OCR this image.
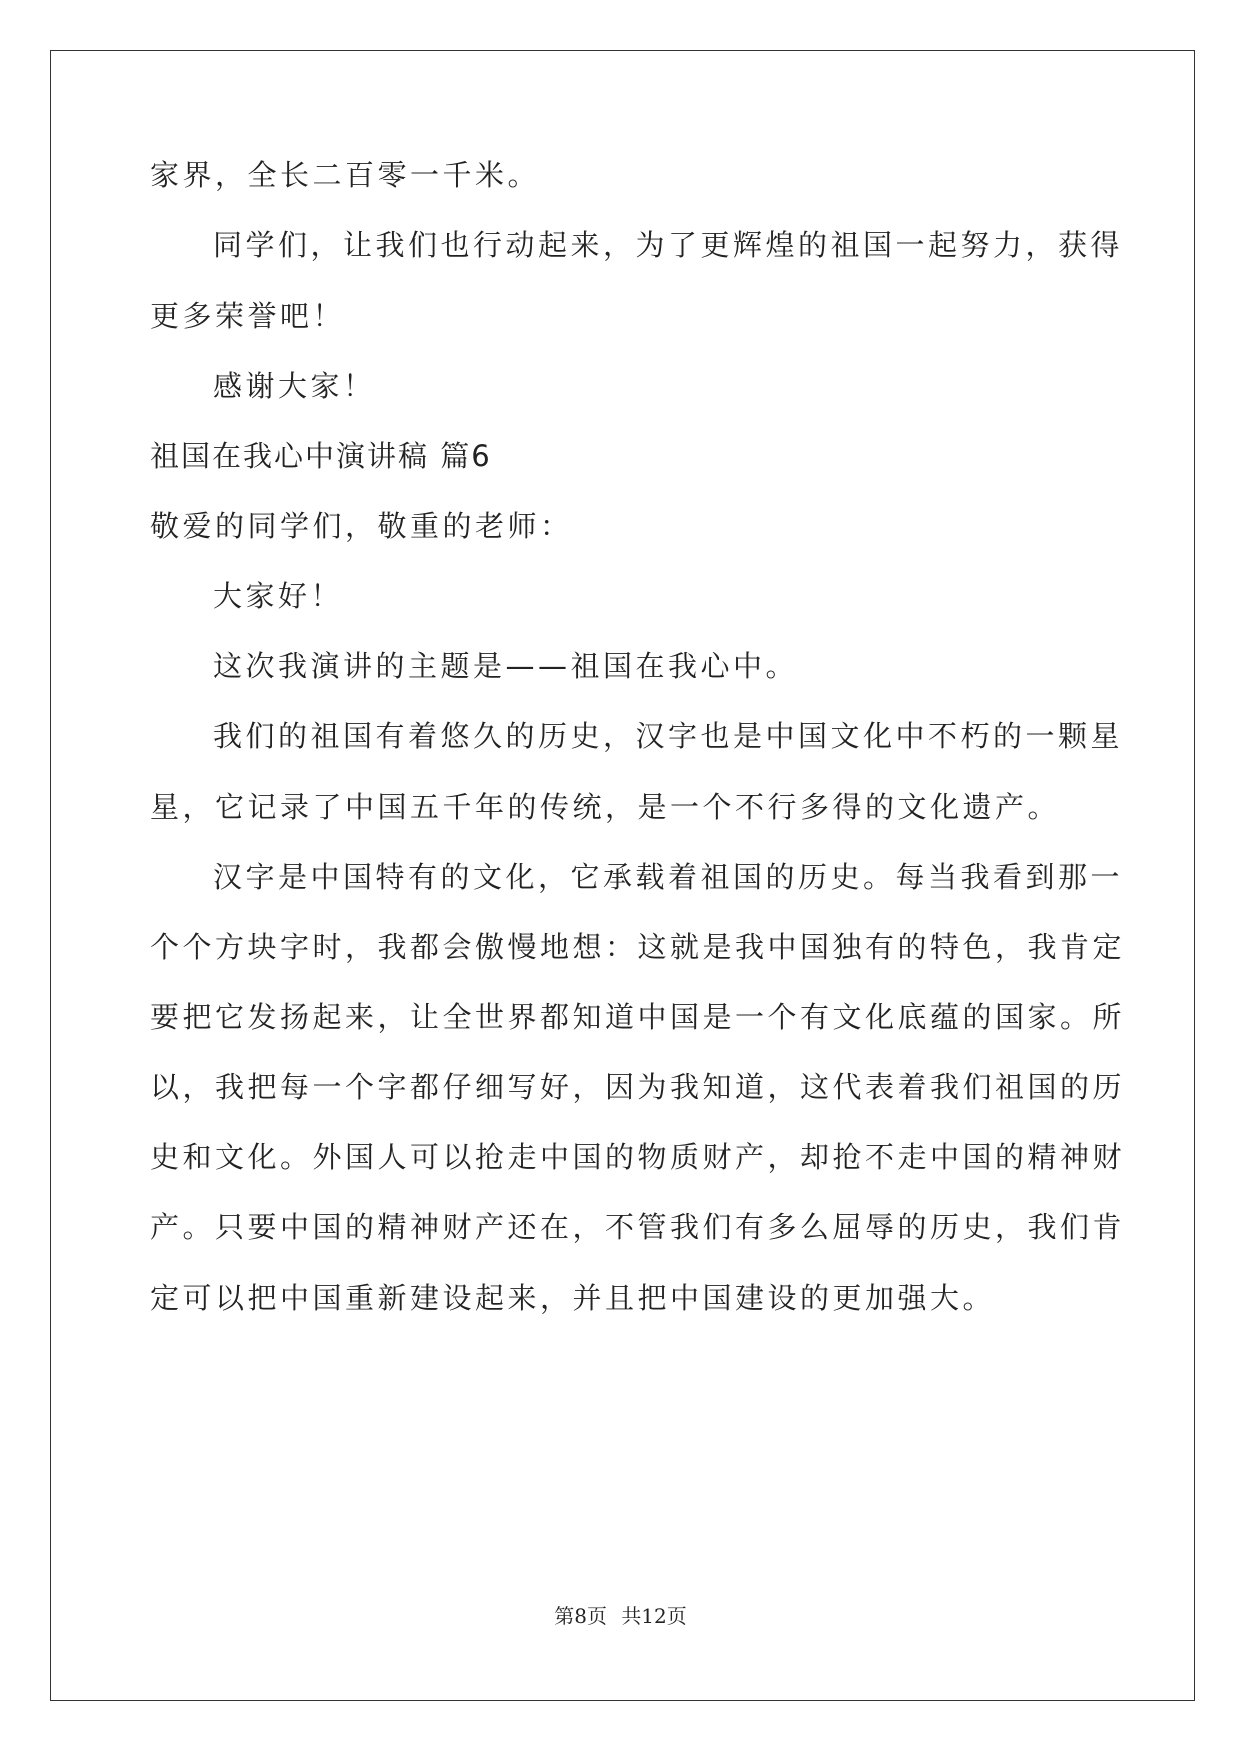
家界，全长二百零一千米。
同学们，让我们也行动起来，为了更辉煌的祖国一起努力，获得
更多荣誉吧！
感谢大家！
祖国在我心中演讲稿 篇6
敬爱的同学们，敬重的老师：
大家好！
这次我演讲的主题是——祖国在我心中。
我们的祖国有着悠久的历史，汉字也是中国文化中不朽的一颗星
星，它记录了中国五千年的传统，是一个不行多得的文化遗产。
汉字是中国特有的文化，它承载着祖国的历史。每当我看到那一
个个方块字时，我都会傲慢地想：这就是我中国独有的特色，我肯定
要把它发扬起来，让全世界都知道中国是一个有文化底蕴的国家。所
以，我把每一个字都仔细写好，因为我知道，这代表着我们祖国的历
史和文化。外国人可以抢走中国的物质财产，却抢不走中国的精神财
产。只要中国的精神财产还在，不管我们有多么屈辱的历史，我们肯
定可以把中国重新建设起来，并且把中国建设的更加强大。
第8页 共12页
